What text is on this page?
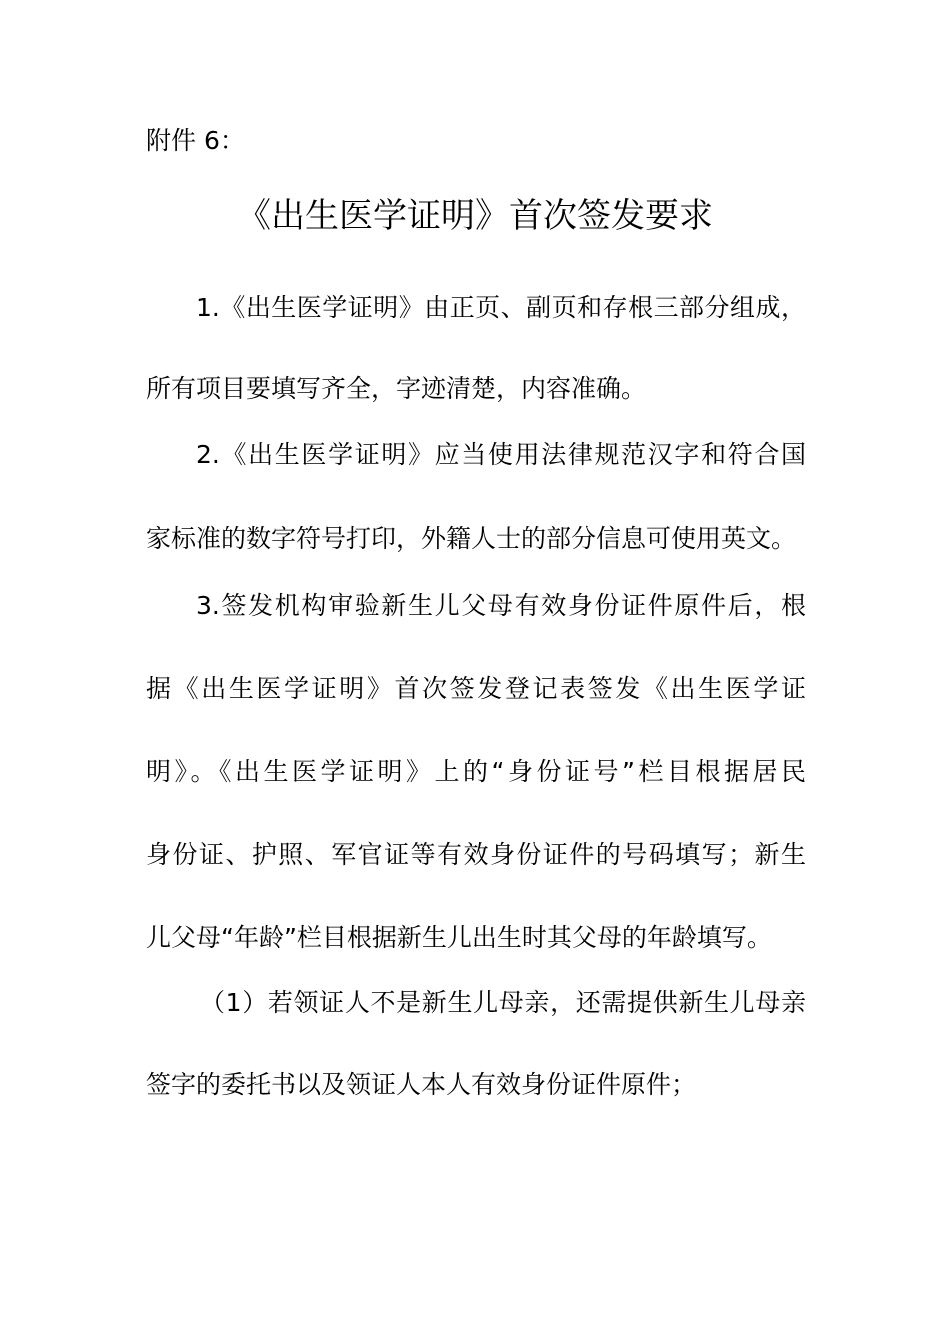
附件 6：
《出生医学证明》首次签发要求
1.《出生医学证明》由正页、副页和存根三部分组成，
所有项目要填写齐全，字迹清楚，内容准确。
2.《出生医学证明》应当使用法律规范汉字和符合国
家标准的数字符号打印，外籍人士的部分信息可使用英文。
3.签发机构审验新生儿父母有效身份证件原件后，根
据《出生医学证明》首次签发登记表签发《出生医学证
明》。《出生医学证明》上的“身份证号”栏目根据居民
身份证、护照、军官证等有效身份证件的号码填写；新生
儿父母“年龄”栏目根据新生儿出生时其父母的年龄填写。
（1）若领证人不是新生儿母亲，还需提供新生儿母亲
签字的委托书以及领证人本人有效身份证件原件；
